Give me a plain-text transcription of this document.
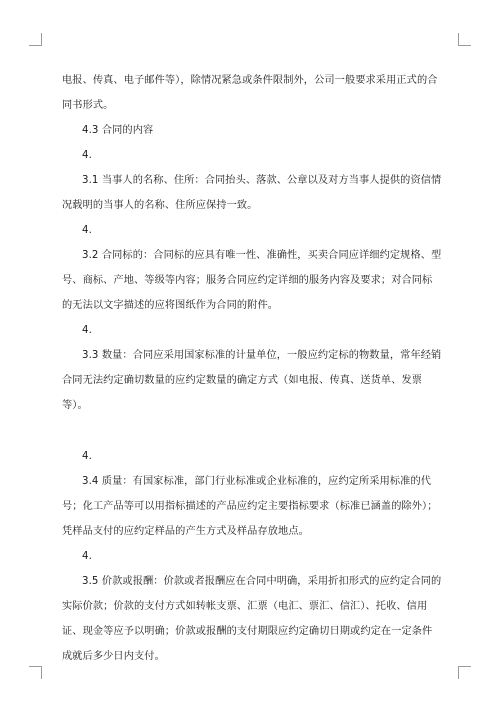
电报、传真、电子邮件等），除情况紧急或条件限制外，公司一般要求采用正式的合同书形式。

4.3 合同的内容

4.

3.1 当事人的名称、住所：合同抬头、落款、公章以及对方当事人提供的资信情况载明的当事人的名称、住所应保持一致。

4.

3.2 合同标的：合同标的应具有唯一性、准确性，买卖合同应详细约定规格、型号、商标、产地、等级等内容；服务合同应约定详细的服务内容及要求；对合同标的无法以文字描述的应将图纸作为合同的附件。

4.

3.3 数量：合同应采用国家标准的计量单位，一般应约定标的物数量，常年经销合同无法约定确切数量的应约定数量的确定方式（如电报、传真、送货单、发票等）。

4.

3.4 质量：有国家标准，部门行业标准或企业标准的，应约定所采用标准的代号；化工产品等可以用指标描述的产品应约定主要指标要求（标准已涵盖的除外）；凭样品支付的应约定样品的产生方式及样品存放地点。

4.

3.5 价款或报酬：价款或者报酬应在合同中明确，采用折扣形式的应约定合同的实际价款；价款的支付方式如转帐支票、汇票（电汇、票汇、信汇）、托收、信用证、现金等应予以明确；价款或报酬的支付期限应约定确切日期或约定在一定条件成就后多少日内支付。
